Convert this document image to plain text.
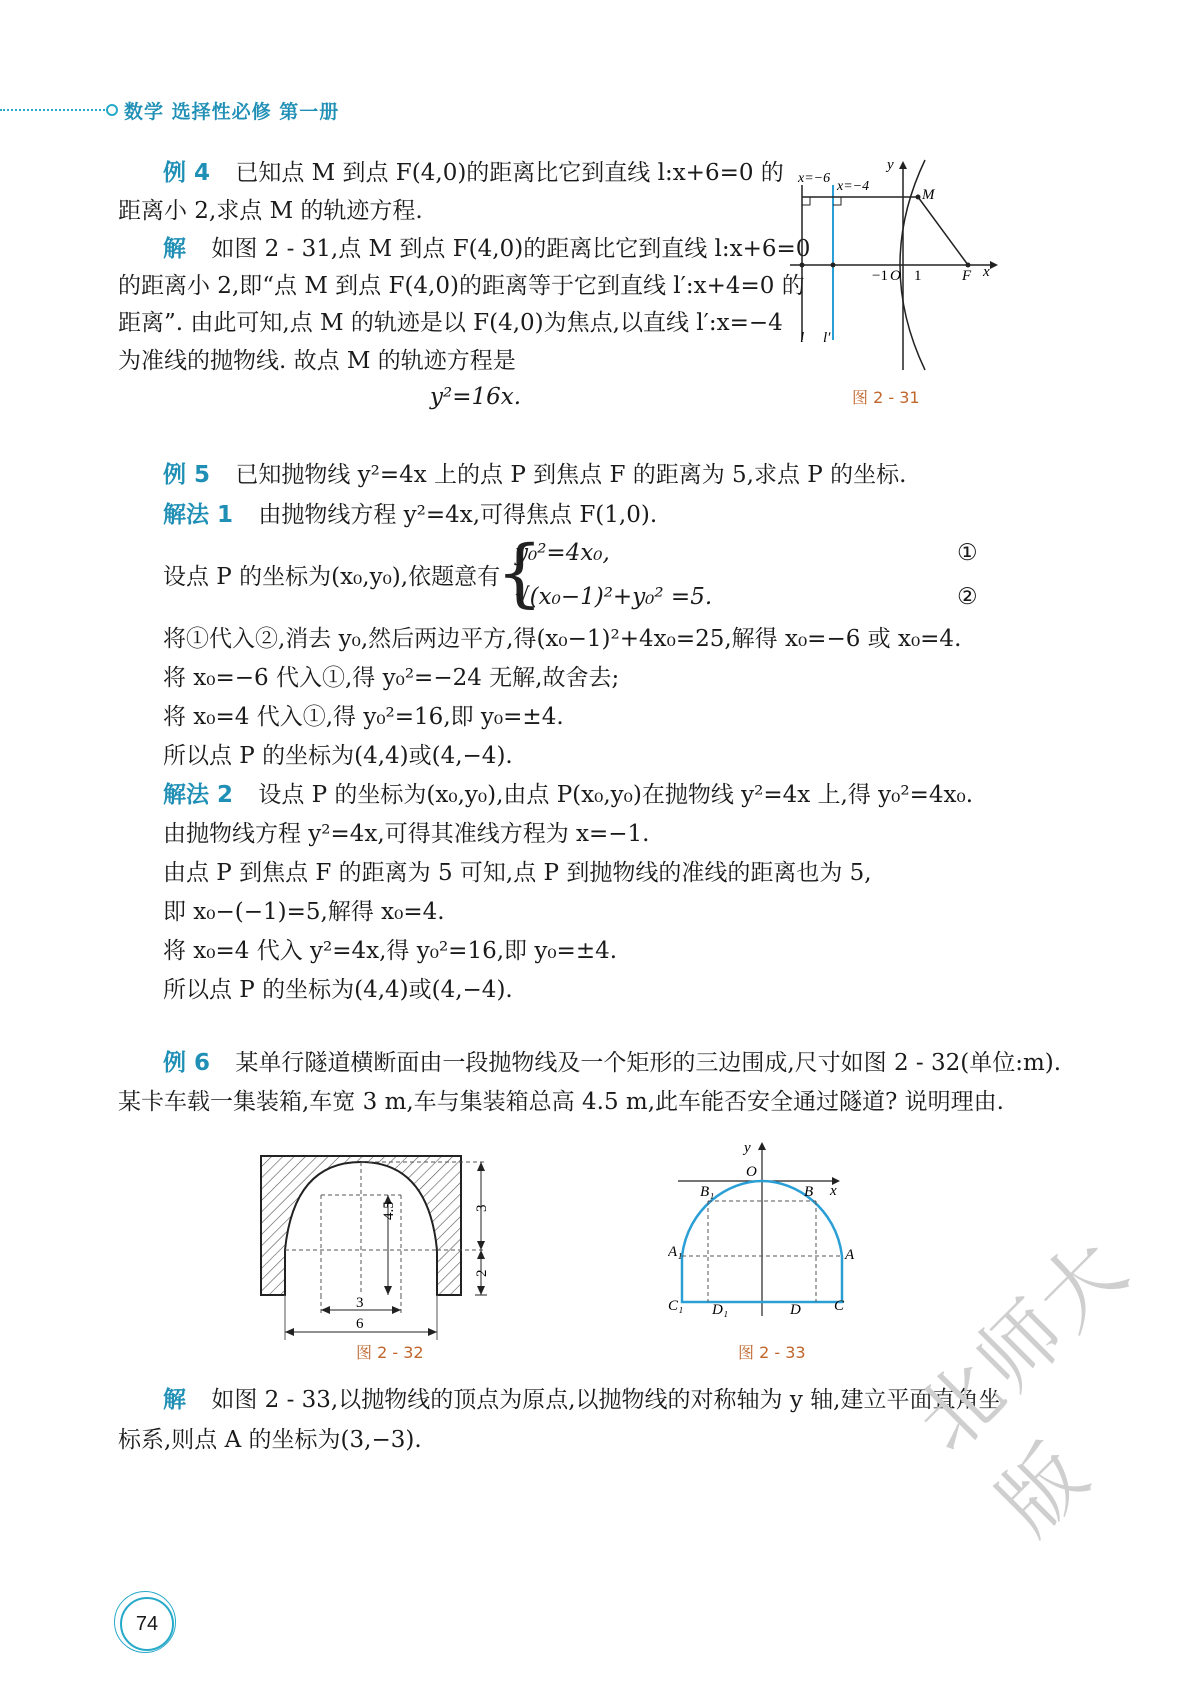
数学 选择性必修 第一册
例 4 已知点 M 到点 F(4,0)的距离比它到直线 l:x+6=0 的
距离小 2,求点 M 的轨迹方程.
解 如图 2 - 31,点 M 到点 F(4,0)的距离比它到直线 l:x+6=0
的距离小 2,即“点 M 到点 F(4,0)的距离等于它到直线 l′:x+4=0 的
距离”. 由此可知,点 M 的轨迹是以 F(4,0)为焦点,以直线 l′:x=−4
为准线的抛物线. 故点 M 的轨迹方程是
y²=16x.
x=−6
x=−4
y
M
−1 O 1	F x
l l′
图 2 - 31
例 5 已知抛物线 y²=4x 上的点 P 到焦点 F 的距离为 5,求点 P 的坐标.
解法 1 由抛物线方程 y²=4x,可得焦点 F(1,0).
设点 P 的坐标为(x₀,y₀),依题意有
{
y₀²=4x₀,
√(x₀−1)²+y₀² =5.
①
②
将①代入②,消去 y₀,然后两边平方,得(x₀−1)²+4x₀=25,解得 x₀=−6 或 x₀=4.
将 x₀=−6 代入①,得 y₀²=−24 无解,故舍去;
将 x₀=4 代入①,得 y₀²=16,即 y₀=±4.
所以点 P 的坐标为(4,4)或(4,−4).
解法 2 设点 P 的坐标为(x₀,y₀),由点 P(x₀,y₀)在抛物线 y²=4x 上,得 y₀²=4x₀.
由抛物线方程 y²=4x,可得其准线方程为 x=−1.
由点 P 到焦点 F 的距离为 5 可知,点 P 到抛物线的准线的距离也为 5,
即 x₀−(−1)=5,解得 x₀=4.
将 x₀=4 代入 y²=4x,得 y₀²=16,即 y₀=±4.
所以点 P 的坐标为(4,4)或(4,−4).
例 6 某单行隧道横断面由一段抛物线及一个矩形的三边围成,尺寸如图 2 - 32(单位:m).
某卡车载一集装箱,车宽 3 m,车与集装箱总高 4.5 m,此车能否安全通过隧道? 说明理由.
4.5	3
2
3
6
图 2 - 32
y
O
x
B₁	B
A₁	A
C₁ D₁	D C
图 2 - 33
解 如图 2 - 33,以抛物线的顶点为原点,以抛物线的对称轴为 y 轴,建立平面直角坐
标系,则点 A 的坐标为(3,−3).
74
北师大版
